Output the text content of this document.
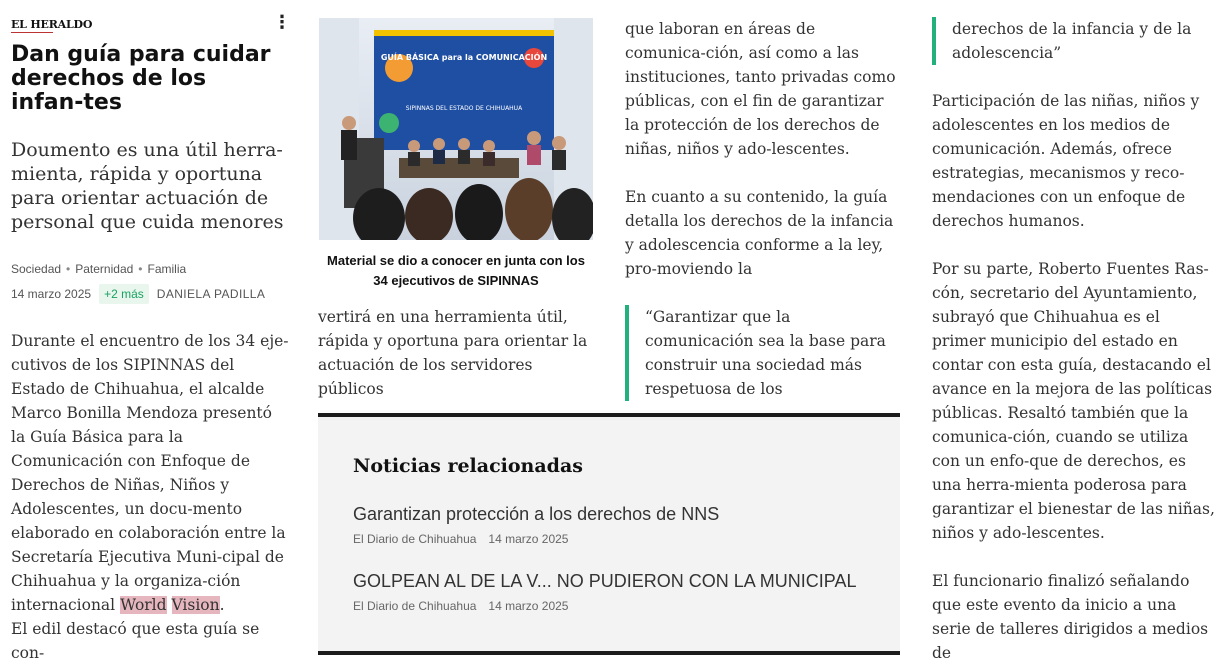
EL HERALDO	⋮
Dan guía para cuidar derechos de los infan-tes

Doumento es una útil herra-mienta, rápida y oportuna para orientar actuación de personal que cuida menores

Sociedad • Paternidad • Familia
14 marzo 2025	+2 más	DANIELA PADILLA

Durante el encuentro de los 34 eje-cutivos de los SIPINNAS del Estado de Chihuahua, el alcalde Marco Bonilla Mendoza presentó la Guía Básica para la Comunicación con Enfoque de Derechos de Niñas, Niños y Adolescentes, un docu-mento elaborado en colaboración entre la Secretaría Ejecutiva Muni-cipal de Chihuahua y la organiza-ción internacional World Vision.

El edil destacó que esta guía se con-

GUÍA BÁSICA para la COMUNICACIÓN
SIPINNAS DEL ESTADO DE CHIHUAHUA

Material se dio a conocer en junta con los 34 ejecutivos de SIPINNAS

vertirá en una herramienta útil, rápida y oportuna para orientar la actuación de los servidores públicos

que laboran en áreas de comunica-ción, así como a las instituciones, tanto privadas como públicas, con el fin de garantizar la protección de los derechos de niñas, niños y ado-lescentes.

En cuanto a su contenido, la guía detalla los derechos de la infancia y adolescencia conforme a la ley, pro-moviendo la

“Garantizar que la comunicación sea la base para construir una sociedad más respetuosa de los

Noticias relacionadas
Garantizan protección a los derechos de NNS
El Diario de Chihuahua 14 marzo 2025
GOLPEAN AL DE LA V... NO PUDIERON CON LA MUNICIPAL
El Diario de Chihuahua 14 marzo 2025

derechos de la infancia y de la adolescencia”

Participación de las niñas, niños y adolescentes en los medios de comunicación. Además, ofrece estrategias, mecanismos y reco-mendaciones con un enfoque de derechos humanos.

Por su parte, Roberto Fuentes Ras-cón, secretario del Ayuntamiento, subrayó que Chihuahua es el primer municipio del estado en contar con esta guía, destacando el avance en la mejora de las políticas públicas. Resaltó también que la comunica-ción, cuando se utiliza con un enfo-que de derechos, es una herra-mienta poderosa para garantizar el bienestar de las niñas, niños y ado-lescentes.

El funcionario finalizó señalando que este evento da inicio a una serie de talleres dirigidos a medios de
